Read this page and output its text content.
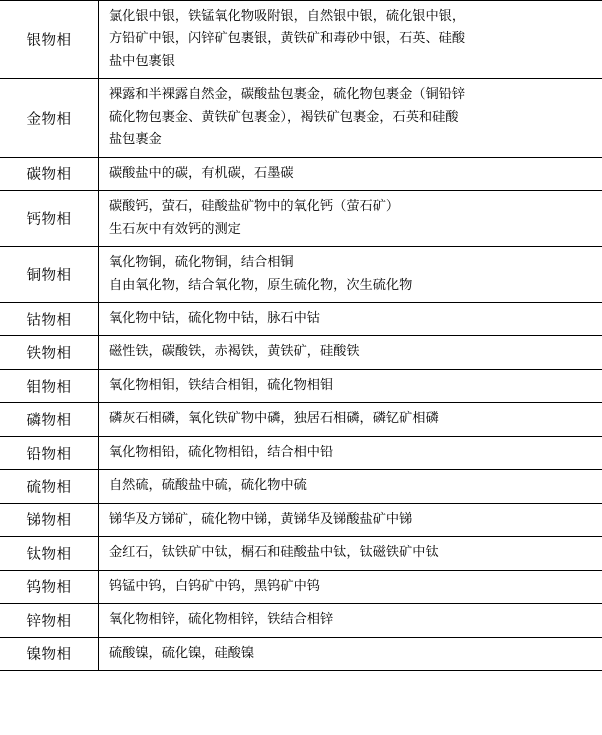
银物相	氯化银中银，铁锰氧化物吸附银，自然银中银，硫化银中银，
方铅矿中银，闪锌矿包裹银，黄铁矿和毒砂中银，石英、硅酸
盐中包裹银

金物相	裸露和半裸露自然金，碳酸盐包裹金，硫化物包裹金（铜铅锌
硫化物包裹金、黄铁矿包裹金），褐铁矿包裹金，石英和硅酸
盐包裹金

碳物相	碳酸盐中的碳，有机碳，石墨碳

钙物相	碳酸钙，萤石，硅酸盐矿物中的氧化钙（萤石矿）
生石灰中有效钙的测定

铜物相	氧化物铜，硫化物铜，结合相铜
自由氧化物，结合氧化物，原生硫化物，次生硫化物

钴物相	氧化物中钴，硫化物中钴，脉石中钴

铁物相	磁性铁，碳酸铁，赤褐铁，黄铁矿，硅酸铁

钼物相	氧化物相钼，铁结合相钼，硫化物相钼

磷物相	磷灰石相磷，氧化铁矿物中磷，独居石相磷，磷钇矿相磷

铅物相	氧化物相铅，硫化物相铅，结合相中铅

硫物相	自然硫，硫酸盐中硫，硫化物中硫

锑物相	锑华及方锑矿，硫化物中锑，黄锑华及锑酸盐矿中锑

钛物相	金红石，钛铁矿中钛，榍石和硅酸盐中钛，钛磁铁矿中钛

钨物相	钨锰中钨，白钨矿中钨，黑钨矿中钨

锌物相	氧化物相锌，硫化物相锌，铁结合相锌

镍物相	硫酸镍，硫化镍，硅酸镍
